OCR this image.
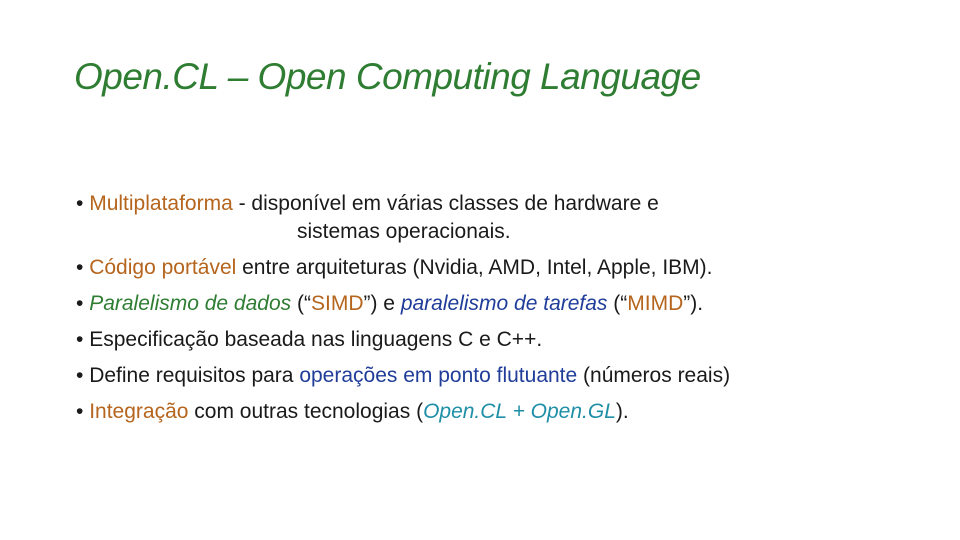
Open.CL – Open Computing Language
• Multiplataforma - disponível em várias classes de hardware e
sistemas operacionais.
• Código portável entre arquiteturas (Nvidia, AMD, Intel, Apple, IBM).
• Paralelismo de dados (“SIMD”) e paralelismo de tarefas (“MIMD”).
• Especificação baseada nas linguagens C e C++.
• Define requisitos para operações em ponto flutuante (números reais)
• Integração com outras tecnologias (Open.CL + Open.GL).
